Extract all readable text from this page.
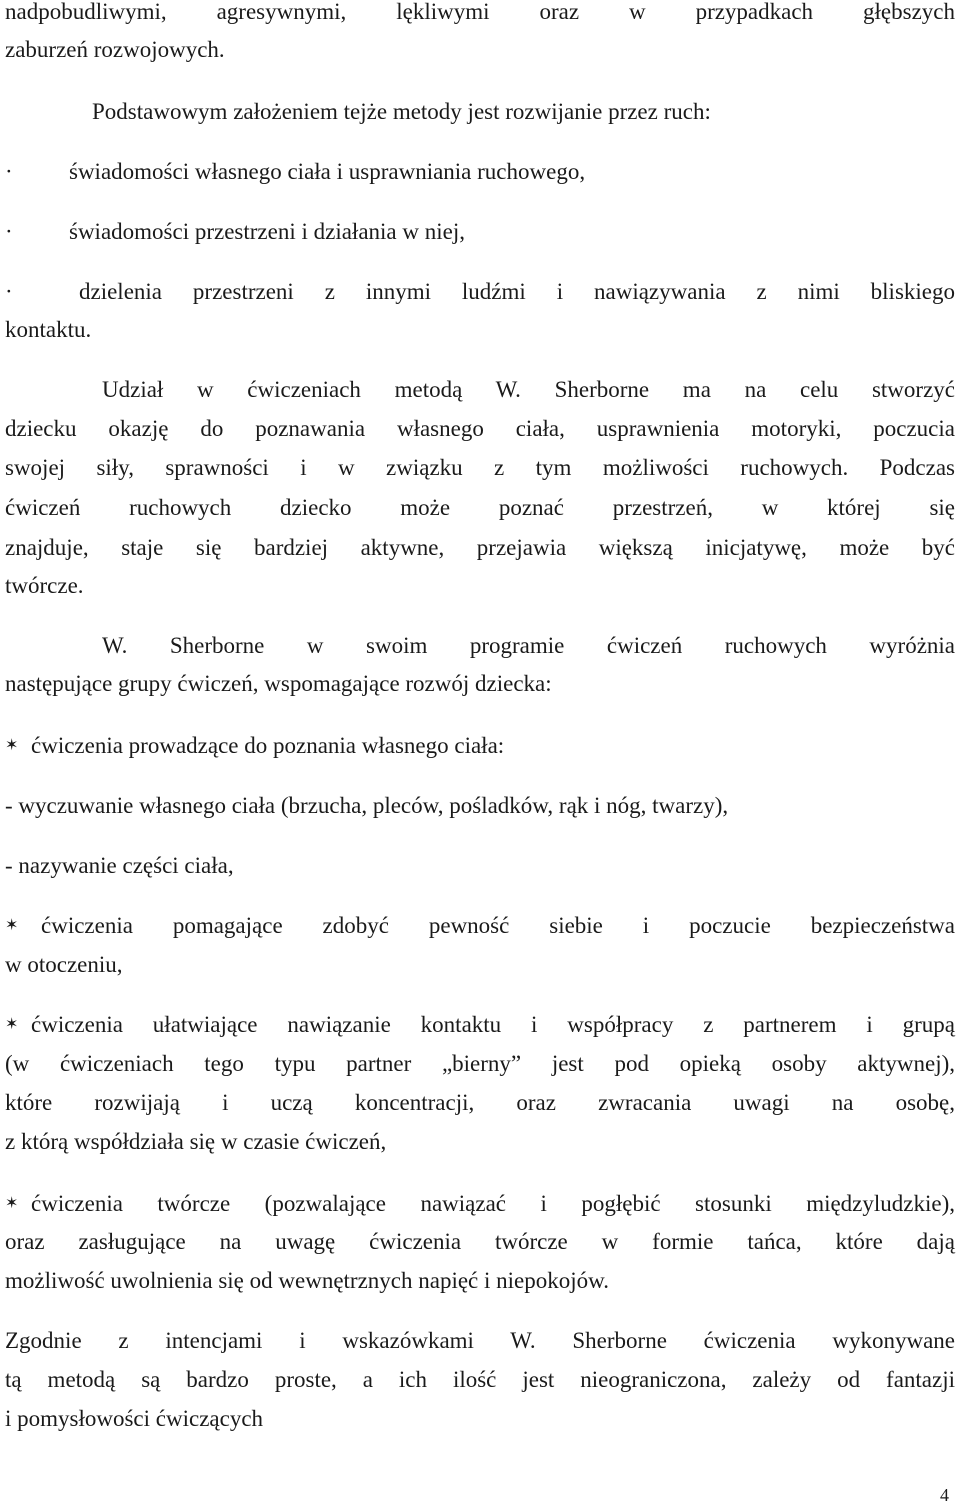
nadpobudliwymi, agresywnymi, lękliwymi oraz w przypadkach głębszych
zaburzeń rozwojowych.
Podstawowym założeniem tejże metody jest rozwijanie przez ruch:
· świadomości własnego ciała i usprawniania ruchowego,
· świadomości przestrzeni i działania w niej,
·	dzielenia przestrzeni z innymi ludźmi i nawiązywania z nimi bliskiego
kontaktu.
Udział w ćwiczeniach metodą W. Sherborne ma na celu stworzyć
dziecku okazję do poznawania własnego ciała, usprawnienia motoryki, poczucia
swojej siły, sprawności i w związku z tym możliwości ruchowych. Podczas
ćwiczeń ruchowych dziecko może poznać przestrzeń, w której się
znajduje, staje się bardziej aktywne, przejawia większą inicjatywę, może być
twórcze.
W. Sherborne w swoim programie ćwiczeń ruchowych wyróżnia
następujące grupy ćwiczeń, wspomagające rozwój dziecka:
✶ ćwiczenia prowadzące do poznania własnego ciała:
- wyczuwanie własnego ciała (brzucha, pleców, pośladków, rąk i nóg, twarzy),
- nazywanie części ciała,
✶ ćwiczenia pomagające zdobyć pewność siebie i poczucie bezpieczeństwa
w otoczeniu,
✶ ćwiczenia ułatwiające nawiązanie kontaktu i współpracy z partnerem i grupą
(w ćwiczeniach tego typu partner „bierny” jest pod opieką osoby aktywnej),
które rozwijają i uczą koncentracji, oraz zwracania uwagi na osobę,
z którą współdziała się w czasie ćwiczeń,
✶ ćwiczenia twórcze (pozwalające nawiązać i pogłębić stosunki międzyludzkie),
oraz zasługujące na uwagę ćwiczenia twórcze w formie tańca, które dają
możliwość uwolnienia się od wewnętrznych napięć i niepokojów.
Zgodnie z intencjami i wskazówkami W. Sherborne ćwiczenia wykonywane
tą metodą są bardzo proste, a ich ilość jest nieograniczona, zależy od fantazji
i pomysłowości ćwiczących
4
